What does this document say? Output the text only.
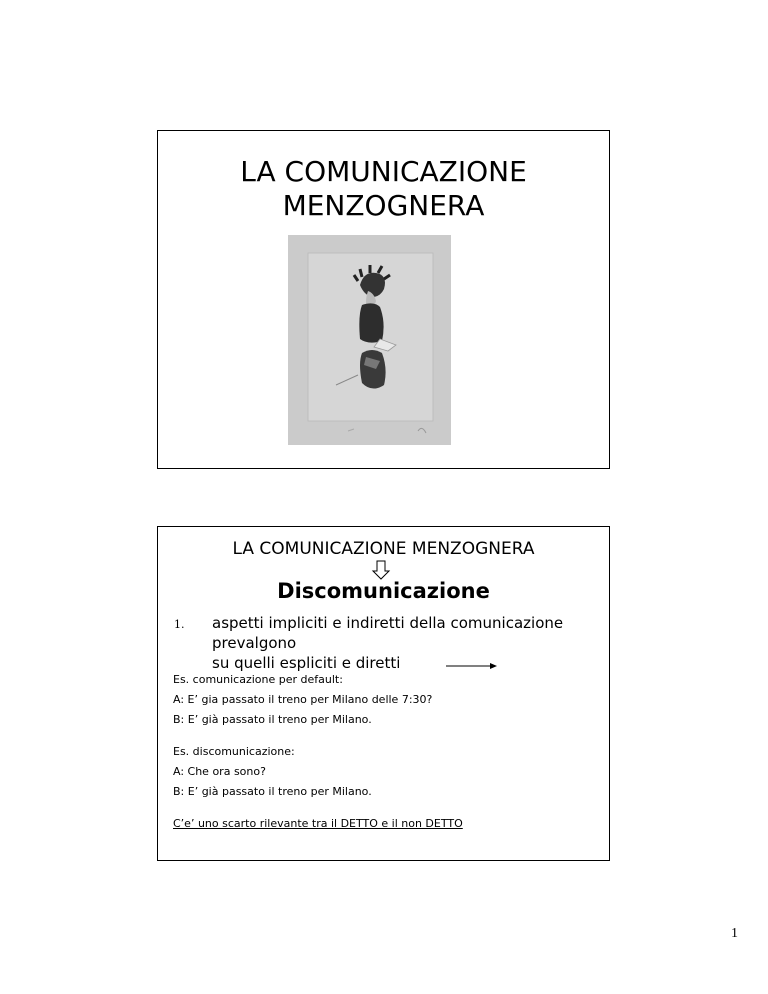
LA COMUNICAZIONE
MENZOGNERA
LA COMUNICAZIONE MENZOGNERA
Discomunicazione
1. aspetti impliciti e indiretti della comunicazione prevalgono
su quelli espliciti e diretti
Es. comunicazione per default:
A: E’ gia passato il treno per Milano delle 7:30?
B: E’ già passato il treno per Milano.
Es. discomunicazione:
A: Che ora sono?
B: E’ già passato il treno per Milano.
C’e’ uno scarto rilevante tra il DETTO e il non DETTO
1
